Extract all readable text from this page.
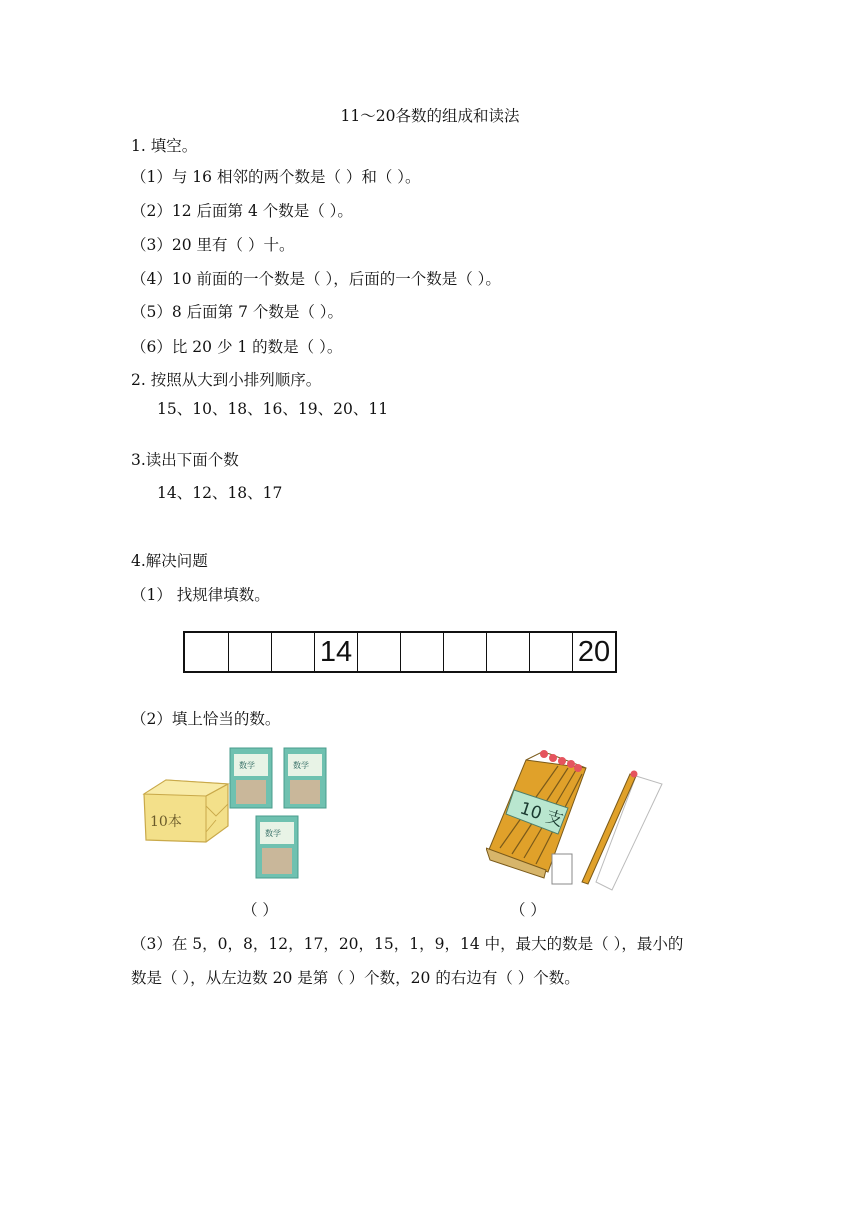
11～20各数的组成和读法
1. 填空。
（1）与 16 相邻的两个数是（ ）和（ ）。
（2）12 后面第 4 个数是（ ）。
（3）20 里有（ ）十。
（4）10 前面的一个数是（ ），后面的一个数是（ ）。
（5）8 后面第 7 个数是（ ）。
（6）比 20 少 1 的数是（ ）。
2. 按照从大到小排列顺序。
15、10、18、16、19、20、11
3.读出下面个数
14、12、18、17
4.解决问题
（1） 找规律填数。
14	20
（2）填上恰当的数。
10本
数学	数学
数学
10 支
（ ）	（ ）
（3）在 5，0，8，12，17，20，15，1，9，14 中，最大的数是（ ），最小的
数是（ ），从左边数 20 是第（ ）个数，20 的右边有（ ）个数。
